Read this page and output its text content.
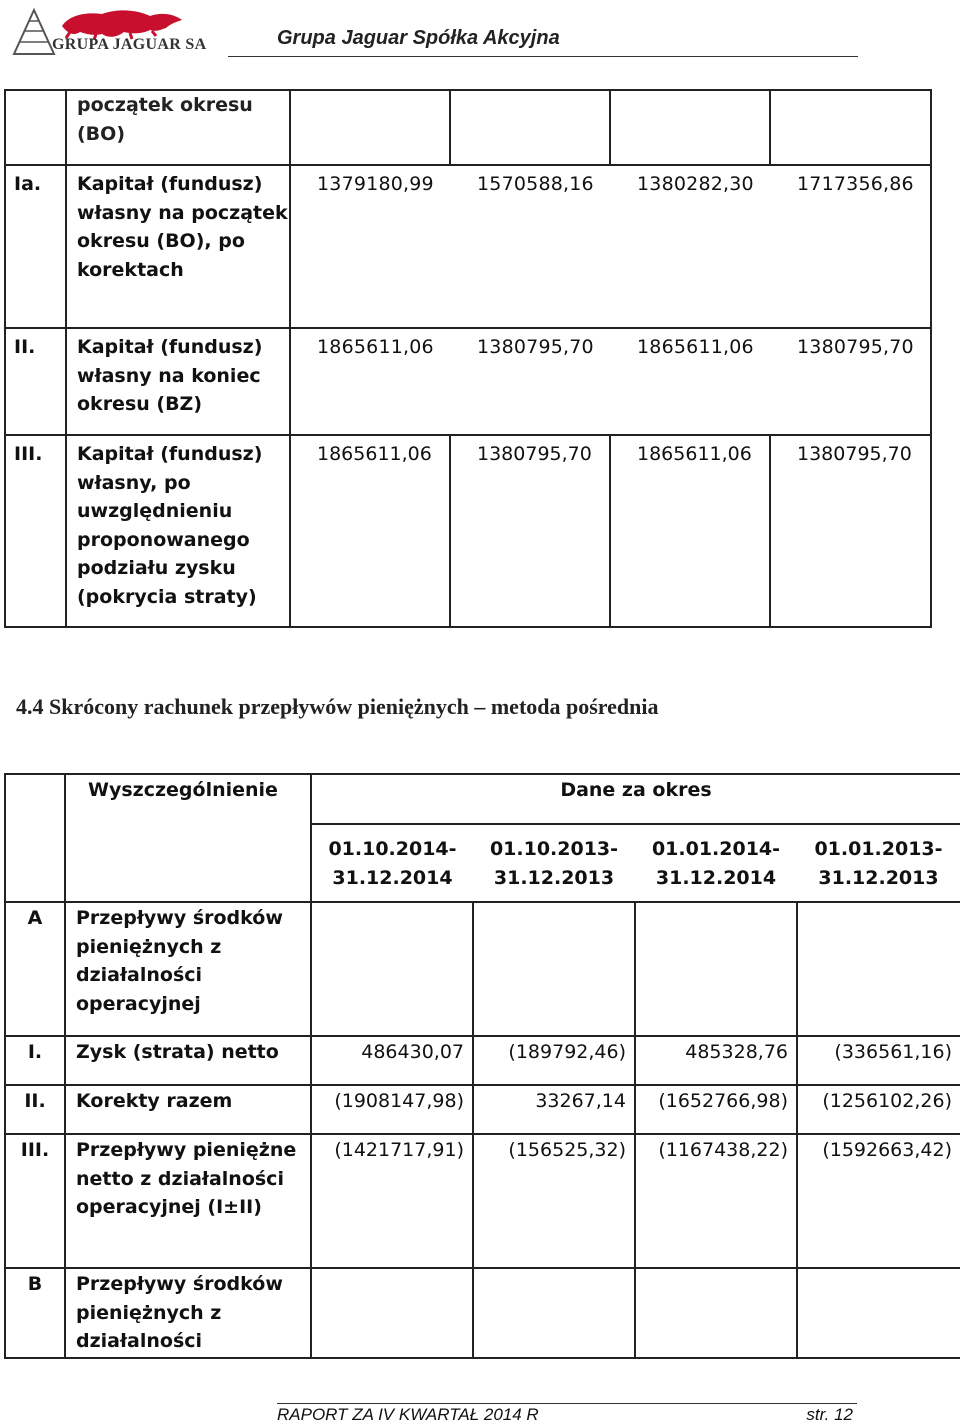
GRUPA JAGUAR SA	Grupa Jaguar Spółka Akcyjna
	początek okresu (BO)				
Ia.	Kapitał (fundusz) własny na początek okresu (BO), po korektach	1379180,99 1570588,16 1380282,30 1717356,86			
II.	Kapitał (fundusz) własny na koniec okresu (BZ)	1865611,06 1380795,70 1865611,06 1380795,70			
III.	Kapitał (fundusz) własny, po uwzględnieniu proponowanego podziału zysku (pokrycia straty)	1865611,06	1380795,70	1865611,06	1380795,70
4.4 Skrócony rachunek przepływów pieniężnych – metoda pośrednia
	Wyszczególnienie	Dane za okres			
		01.10.2014-31.12.2014	01.10.2013-31.12.2013	01.01.2014-31.12.2014	01.01.2013-31.12.2013
A	Przepływy środków pieniężnych z działalności operacyjnej				
I.	Zysk (strata) netto	486430,07	(189792,46)	485328,76	(336561,16)
II.	Korekty razem	(1908147,98)	33267,14	(1652766,98)	(1256102,26)
III.	Przepływy pieniężne netto z działalności operacyjnej (I±II)	(1421717,91)	(156525,32)	(1167438,22)	(1592663,42)
B	Przepływy środków pieniężnych z działalności				
RAPORT ZA IV KWARTAŁ 2014 R	str. 12
